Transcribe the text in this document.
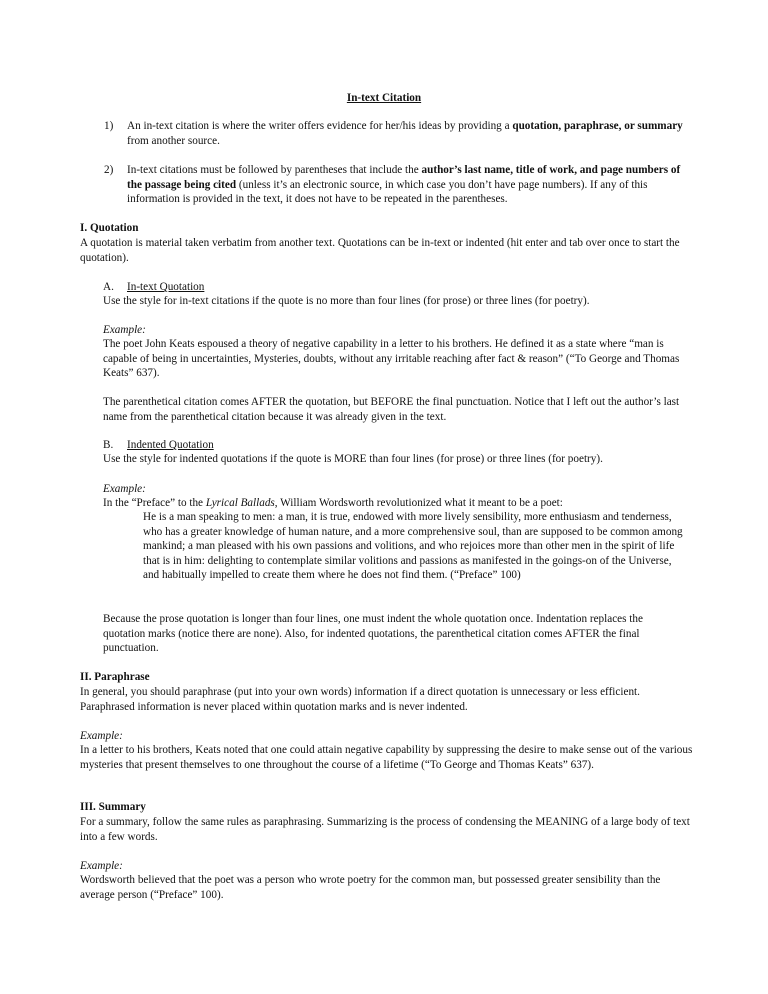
In-text Citation
1) An in-text citation is where the writer offers evidence for her/his ideas by providing a quotation, paraphrase, or summary from another source.

2) In-text citations must be followed by parentheses that include the author’s last name, title of work, and page numbers of the passage being cited (unless it’s an electronic source, in which case you don’t have page numbers). If any of this information is provided in the text, it does not have to be repeated in the parentheses.

I. Quotation

A quotation is material taken verbatim from another text. Quotations can be in-text or indented (hit enter and tab over once to start the quotation).

A. In-text Quotation

Use the style for in-text citations if the quote is no more than four lines (for prose) or three lines (for poetry).

Example:

The poet John Keats espoused a theory of negative capability in a letter to his brothers. He defined it as a state where “man is capable of being in uncertainties, Mysteries, doubts, without any irritable reaching after fact & reason” (“To George and Thomas Keats” 637).

The parenthetical citation comes AFTER the quotation, but BEFORE the final punctuation. Notice that I left out the author’s last name from the parenthetical citation because it was already given in the text.

B. Indented Quotation

Use the style for indented quotations if the quote is MORE than four lines (for prose) or three lines (for poetry).

Example:

In the “Preface” to the Lyrical Ballads, William Wordsworth revolutionized what it meant to be a poet:

He is a man speaking to men: a man, it is true, endowed with more lively sensibility, more enthusiasm and tenderness, who has a greater knowledge of human nature, and a more comprehensive soul, than are supposed to be common among mankind; a man pleased with his own passions and volitions, and who rejoices more than other men in the spirit of life that is in him: delighting to contemplate similar volitions and passions as manifested in the goings-on of the Universe, and habitually impelled to create them where he does not find them. (“Preface” 100)

Because the prose quotation is longer than four lines, one must indent the whole quotation once. Indentation replaces the quotation marks (notice there are none). Also, for indented quotations, the parenthetical citation comes AFTER the final punctuation.

II. Paraphrase

In general, you should paraphrase (put into your own words) information if a direct quotation is unnecessary or less efficient. Paraphrased information is never placed within quotation marks and is never indented.

Example:

In a letter to his brothers, Keats noted that one could attain negative capability by suppressing the desire to make sense out of the various mysteries that present themselves to one throughout the course of a lifetime (“To George and Thomas Keats” 637).

III. Summary

For a summary, follow the same rules as paraphrasing. Summarizing is the process of condensing the MEANING of a large body of text into a few words.

Example:

Wordsworth believed that the poet was a person who wrote poetry for the common man, but possessed greater sensibility than the average person (“Preface” 100).
